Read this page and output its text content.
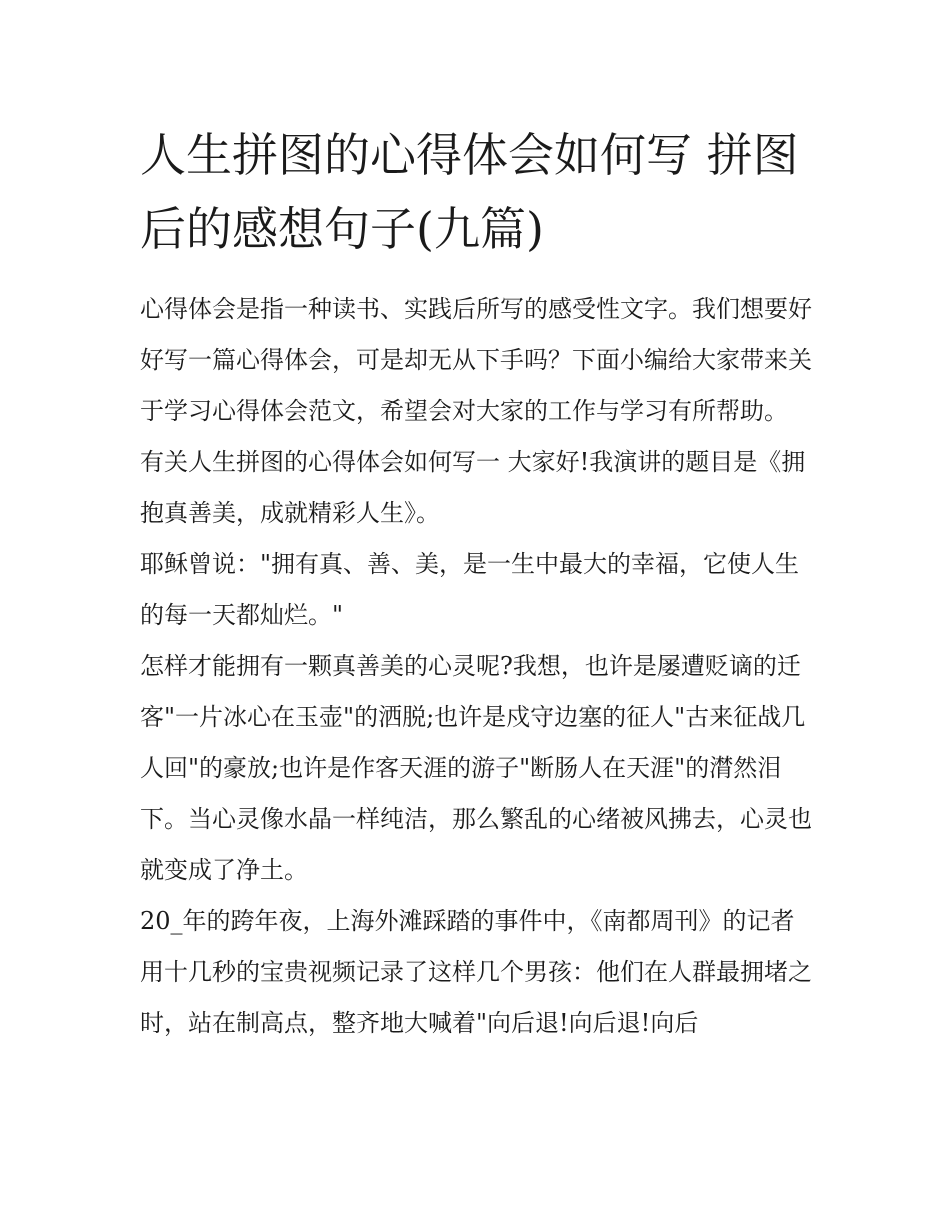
人生拼图的心得体会如何写 拼图后的感想句子(九篇)

心得体会是指一种读书、实践后所写的感受性文字。我们想要好好写一篇心得体会，可是却无从下手吗？下面小编给大家带来关于学习心得体会范文，希望会对大家的工作与学习有所帮助。

有关人生拼图的心得体会如何写一 大家好!我演讲的题目是《拥抱真善美，成就精彩人生》。

耶稣曾说："拥有真、善、美，是一生中最大的幸福，它使人生的每一天都灿烂。"

怎样才能拥有一颗真善美的心灵呢?我想，也许是屡遭贬谪的迁客"一片冰心在玉壶"的洒脱;也许是戍守边塞的征人"古来征战几人回"的豪放;也许是作客天涯的游子"断肠人在天涯"的潸然泪下。当心灵像水晶一样纯洁，那么繁乱的心绪被风拂去，心灵也就变成了净土。

20_年的跨年夜，上海外滩踩踏的事件中，《南都周刊》的记者用十几秒的宝贵视频记录了这样几个男孩：他们在人群最拥堵之时，站在制高点，整齐地大喊着"向后退!向后退!向后
